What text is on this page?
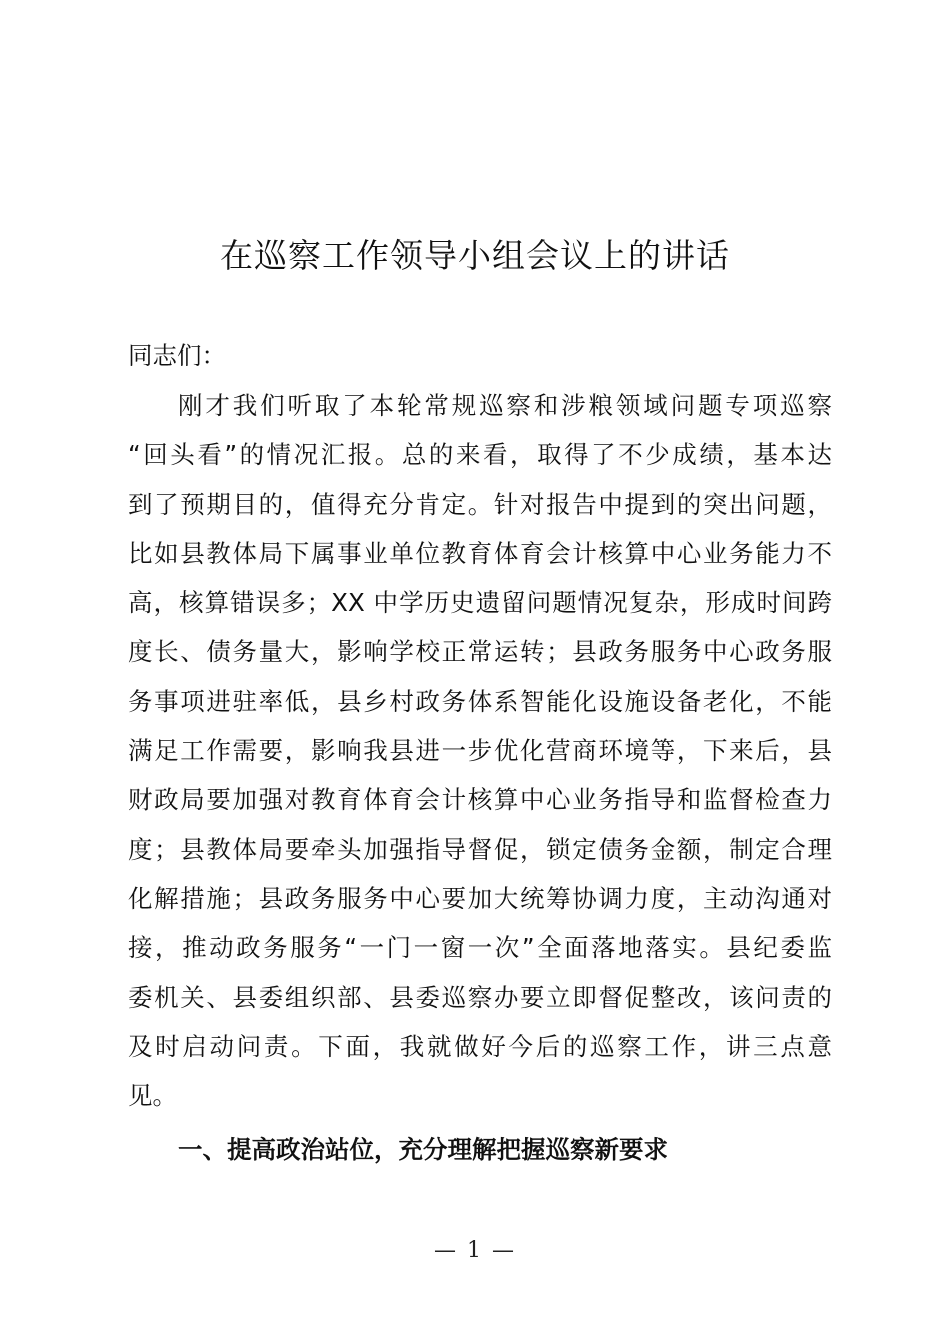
在巡察工作领导小组会议上的讲话
同志们：
刚才我们听取了本轮常规巡察和涉粮领域问题专项巡察
“回头看”的情况汇报。总的来看，取得了不少成绩，基本达
到了预期目的，值得充分肯定。针对报告中提到的突出问题，
比如县教体局下属事业单位教育体育会计核算中心业务能力不
高，核算错误多；XX 中学历史遗留问题情况复杂，形成时间跨
度长、债务量大，影响学校正常运转；县政务服务中心政务服
务事项进驻率低，县乡村政务体系智能化设施设备老化，不能
满足工作需要，影响我县进一步优化营商环境等，下来后，县
财政局要加强对教育体育会计核算中心业务指导和监督检查力
度；县教体局要牵头加强指导督促，锁定债务金额，制定合理
化解措施；县政务服务中心要加大统筹协调力度，主动沟通对
接，推动政务服务“一门一窗一次”全面落地落实。县纪委监
委机关、县委组织部、县委巡察办要立即督促整改，该问责的
及时启动问责。下面，我就做好今后的巡察工作，讲三点意
见。
一、提高政治站位，充分理解把握巡察新要求
— 1 —
